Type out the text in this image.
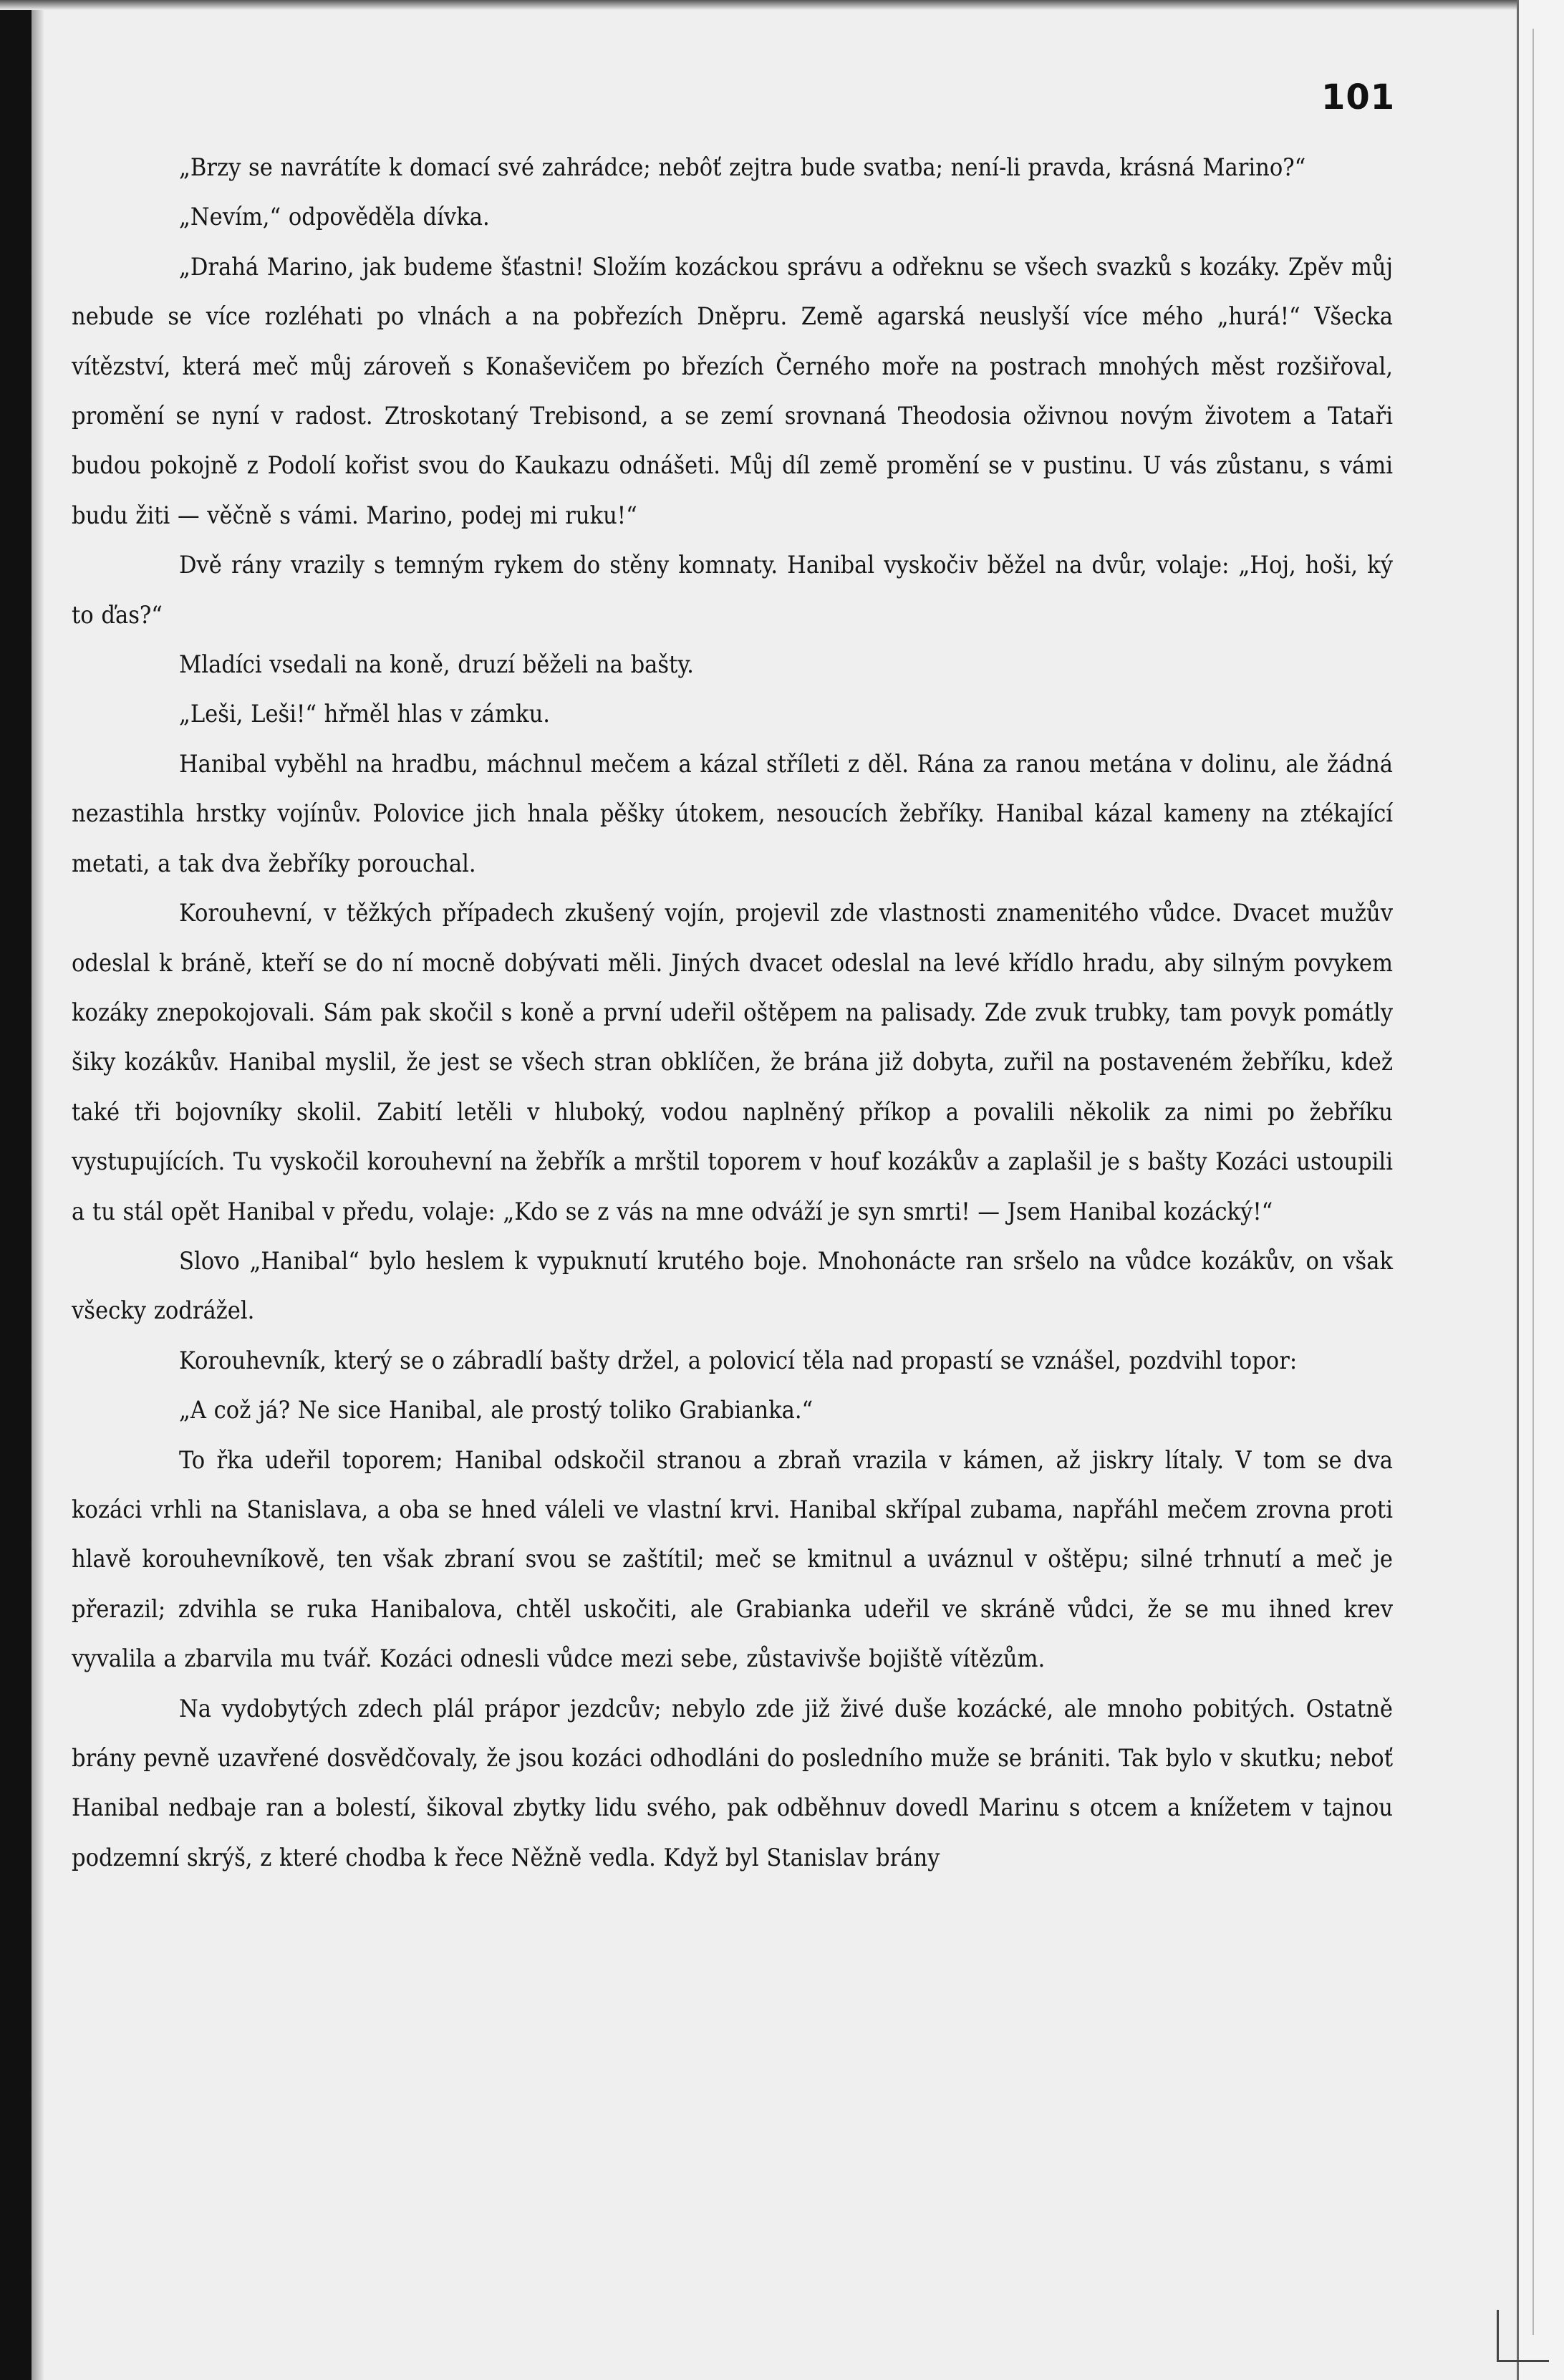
101

„Brzy se navrátíte k domací své zahrádce; nebôť zejtra bude svatba; není-li pravda, krásná Marino?“

„Nevím,“ odpověděla dívka.

„Drahá Marino, jak budeme šťastni! Složím kozáckou správu a odřeknu se všech svazků s kozáky. Zpěv můj nebude se více rozléhati po vlnách a na pobřezích Dněpru. Země agarská neuslyší více mého „hurá!“ Všecka vítězství, která meč můj zároveň s Konaševičem po březích Černého moře na postrach mnohých měst rozšiřoval, promění se nyní v radost. Ztroskotaný Trebisond, a se zemí srovnaná Theodosia oživnou novým životem a Tataři budou pokojně z Podolí kořist svou do Kaukazu odnášeti. Můj díl země promění se v pustinu. U vás zůstanu, s vámi budu žiti — věčně s vámi. Marino, podej mi ruku!“

Dvě rány vrazily s temným rykem do stěny komnaty. Hanibal vyskočiv běžel na dvůr, volaje: „Hoj, hoši, ký to ďas?“

Mladíci vsedali na koně, druzí běželi na bašty.

„Leši, Leši!“ hřměl hlas v zámku.

Hanibal vyběhl na hradbu, máchnul mečem a kázal stříleti z děl. Rána za ranou metána v dolinu, ale žádná nezastihla hrstky vojínův. Polovice jich hnala pěšky útokem, nesoucích žebříky. Hanibal kázal kameny na ztékající metati, a tak dva žebříky porouchal.

Korouhevní, v těžkých případech zkušený vojín, projevil zde vlastnosti znamenitého vůdce. Dvacet mužův odeslal k bráně, kteří se do ní mocně dobývati měli. Jiných dvacet odeslal na levé křídlo hradu, aby silným povykem kozáky znepokojovali. Sám pak skočil s koně a první udeřil oštěpem na palisady. Zde zvuk trubky, tam povyk pomátly šiky kozákův. Hanibal myslil, že jest se všech stran obklíčen, že brána již dobyta, zuřil na postaveném žebříku, kdež také tři bojovníky skolil. Zabití letěli v hluboký, vodou naplněný příkop a povalili několik za nimi po žebříku vystupujících. Tu vyskočil korouhevní na žebřík a mrštil toporem v houf kozákův a zaplašil je s bašty Kozáci ustoupili a tu stál opět Hanibal v předu, volaje: „Kdo se z vás na mne odváží je syn smrti! — Jsem Hanibal kozácký!“

Slovo „Hanibal“ bylo heslem k vypuknutí krutého boje. Mnohonácte ran sršelo na vůdce kozákův, on však všecky zodrážel.

Korouhevník, který se o zábradlí bašty držel, a polovicí těla nad propastí se vznášel, pozdvihl topor:

„A což já? Ne sice Hanibal, ale prostý toliko Grabianka.“

To řka udeřil toporem; Hanibal odskočil stranou a zbraň vrazila v kámen, až jiskry lítaly. V tom se dva kozáci vrhli na Stanislava, a oba se hned váleli ve vlastní krvi. Hanibal skřípal zubama, napřáhl mečem zrovna proti hlavě korouhevníkově, ten však zbraní svou se zaštítil; meč se kmitnul a uváznul v oštěpu; silné trhnutí a meč je přerazil; zdvihla se ruka Hanibalova, chtěl uskočiti, ale Grabianka udeřil ve skráně vůdci, že se mu ihned krev vyvalila a zbarvila mu tvář. Kozáci odnesli vůdce mezi sebe, zůstavivše bojiště vítězům.

Na vydobytých zdech plál prápor jezdcův; nebylo zde již živé duše kozácké, ale mnoho pobitých. Ostatně brány pevně uzavřené dosvědčovaly, že jsou kozáci odhodláni do posledního muže se brániti. Tak bylo v skutku; neboť Hanibal nedbaje ran a bolestí, šikoval zbytky lidu svého, pak odběhnuv dovedl Marinu s otcem a knížetem v tajnou podzemní skrýš, z které chodba k řece Něžně vedla. Když byl Stanislav brány
